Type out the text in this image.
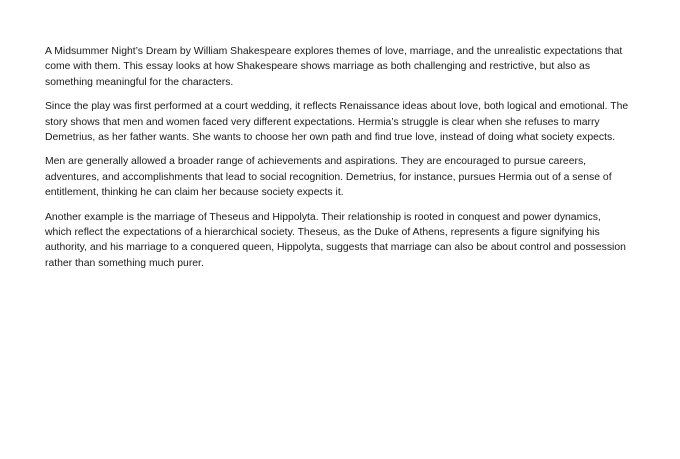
A Midsummer Night’s Dream by William Shakespeare explores themes of love, marriage, and the unrealistic expectations that
come with them. This essay looks at how Shakespeare shows marriage as both challenging and restrictive, but also as
something meaningful for the characters.

Since the play was first performed at a court wedding, it reflects Renaissance ideas about love, both logical and emotional. The
story shows that men and women faced very different expectations. Hermia’s struggle is clear when she refuses to marry
Demetrius, as her father wants. She wants to choose her own path and find true love, instead of doing what society expects.

Men are generally allowed a broader range of achievements and aspirations. They are encouraged to pursue careers,
adventures, and accomplishments that lead to social recognition. Demetrius, for instance, pursues Hermia out of a sense of
entitlement, thinking he can claim her because society expects it.

Another example is the marriage of Theseus and Hippolyta. Their relationship is rooted in conquest and power dynamics,
which reflect the expectations of a hierarchical society. Theseus, as the Duke of Athens, represents a figure signifying his
authority, and his marriage to a conquered queen, Hippolyta, suggests that marriage can also be about control and possession
rather than something much purer.
